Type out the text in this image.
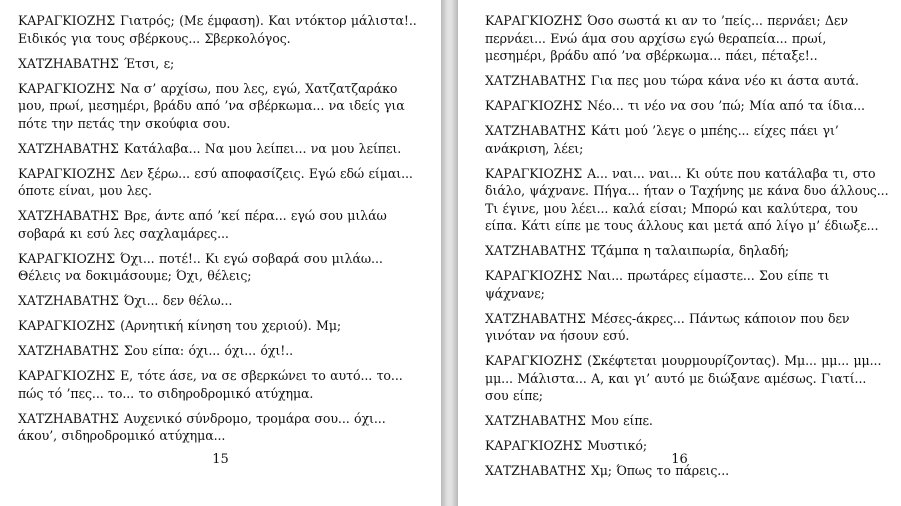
ΚΑΡΑΓΚΙΟΖΗΣ Γιατρός; (Με έμφαση). Και ντόκτορ μάλιστα!.. Ειδικός για τους σβέρκους... Σβερκολόγος.

ΧΑΤΖΗΑΒΑΤΗΣ Έτσι, ε;

ΚΑΡΑΓΚΙΟΖΗΣ Να σ’ αρχίσω, που λες, εγώ, Χατζατζαράκο μου, πρωί, μεσημέρι, βράδυ από ’να σβέρκωμα... να ιδείς για πότε την πετάς την σκούφια σου.

ΧΑΤΖΗΑΒΑΤΗΣ Κατάλαβα... Να μου λείπει... να μου λείπει.

ΚΑΡΑΓΚΙΟΖΗΣ Δεν ξέρω... εσύ αποφασίζεις. Εγώ εδώ είμαι... όποτε είναι, μου λες.

ΧΑΤΖΗΑΒΑΤΗΣ Βρε, άντε από ’κεί πέρα... εγώ σου μιλάω σοβαρά κι εσύ λες σαχλαμάρες...

ΚΑΡΑΓΚΙΟΖΗΣ Όχι... ποτέ!.. Κι εγώ σοβαρά σου μιλάω... Θέλεις να δοκιμάσουμε; Όχι, θέλεις;

ΧΑΤΖΗΑΒΑΤΗΣ Όχι... δεν θέλω...

ΚΑΡΑΓΚΙΟΖΗΣ (Αρνητική κίνηση του χεριού). Μμ;

ΧΑΤΖΗΑΒΑΤΗΣ Σου είπα: όχι... όχι... όχι!..

ΚΑΡΑΓΚΙΟΖΗΣ Ε, τότε άσε, να σε σβερκώνει το αυτό... το... πώς τό ’πες... το... το σιδηροδρομικό ατύχημα.

ΧΑΤΖΗΑΒΑΤΗΣ Αυχενικό σύνδρομο, τρομάρα σου... όχι... άκου’, σιδηροδρομικό ατύχημα...

15

ΚΑΡΑΓΚΙΟΖΗΣ Όσο σωστά κι αν το ’πείς... περνάει; Δεν περνάει... Ενώ άμα σου αρχίσω εγώ θεραπεία... πρωί, μεσημέρι, βράδυ από ’να σβέρκωμα... πάει, πέταξε!..

ΧΑΤΖΗΑΒΑΤΗΣ Για πες μου τώρα κάνα νέο κι άστα αυτά.

ΚΑΡΑΓΚΙΟΖΗΣ Νέο... τι νέο να σου ’πώ; Μία από τα ίδια...

ΧΑΤΖΗΑΒΑΤΗΣ Κάτι μού ’λεγε ο μπέης... είχες πάει γι’ ανάκριση, λέει;

ΚΑΡΑΓΚΙΟΖΗΣ Α... ναι... ναι... Κι ούτε που κατάλαβα τι, στο διάλο, ψάχνανε. Πήγα... ήταν ο Ταχήνης με κάνα δυο άλλους... Τι έγινε, μου λέει... καλά είσαι; Μπορώ και καλύτερα, του είπα. Κάτι είπε με τους άλλους και μετά από λίγο μ’ έδιωξε...

ΧΑΤΖΗΑΒΑΤΗΣ Τζάμπα η ταλαιπωρία, δηλαδή;

ΚΑΡΑΓΚΙΟΖΗΣ Ναι... πρωτάρες είμαστε... Σου είπε τι ψάχνανε;

ΧΑΤΖΗΑΒΑΤΗΣ Μέσες-άκρες... Πάντως κάποιον που δεν γινόταν να ήσουν εσύ.

ΚΑΡΑΓΚΙΟΖΗΣ (Σκέφτεται μουρμουρίζοντας). Μμ... μμ... μμ... μμ... Μάλιστα... Α, και γι’ αυτό με διώξανε αμέσως. Γιατί... σου είπε;

ΧΑΤΖΗΑΒΑΤΗΣ Μου είπε.

ΚΑΡΑΓΚΙΟΖΗΣ Μυστικό;

ΧΑΤΖΗΑΒΑΤΗΣ Χμ; Όπως το πάρεις...

16
